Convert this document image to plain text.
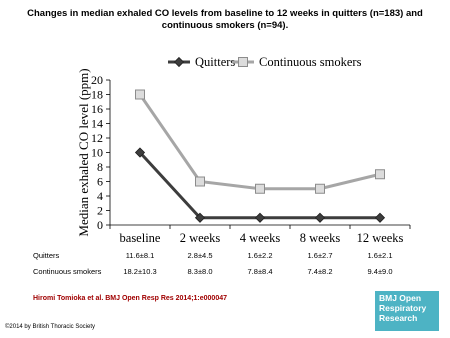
Changes in median exhaled CO levels from baseline to 12 weeks in quitters (n=183) and
continuous smokers (n=94).
0
2
4
6
8
10
12
14
16
18
20
Median exhaled CO level (ppm)
baseline 2 weeks 4 weeks 8 weeks 12 weeks
Quitters Continuous smokers
Quitters	11.6±8.1	2.8±4.5	1.6±2.2	1.6±2.7	1.6±2.1
Continuous smokers	18.2±10.3	8.3±8.0	7.8±8.4	7.4±8.2	9.4±9.0
Hiromi Tomioka et al. BMJ Open Resp Res 2014;1:e000047
©2014 by British Thoracic Society
BMJ Open
Respiratory
Research
